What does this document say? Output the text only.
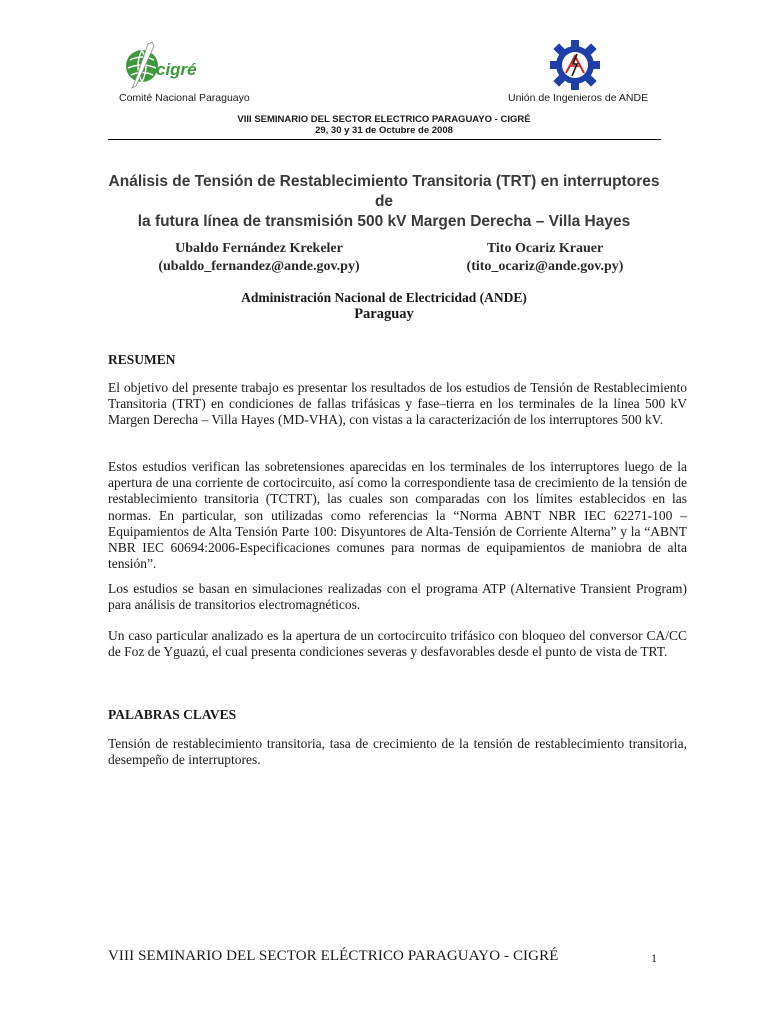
cigré
Comité Nacional Paraguayo	Unión de Ingenieros de ANDE
VIII SEMINARIO DEL SECTOR ELECTRICO PARAGUAYO - CIGRÉ
29, 30 y 31 de Octubre de 2008
Análisis de Tensión de Restablecimiento Transitoria (TRT) en interruptores de
la futura línea de transmisión 500 kV Margen Derecha – Villa Hayes
Ubaldo Fernández Krekeler
(ubaldo_fernandez@ande.gov.py)
Tito Ocariz Krauer
(tito_ocariz@ande.gov.py)
Administración Nacional de Electricidad (ANDE)
Paraguay
RESUMEN
El objetivo del presente trabajo es presentar los resultados de los estudios de Tensión de Restablecimiento Transitoria (TRT) en condiciones de fallas trifásicas y fase–tierra en los terminales de la línea 500 kV Margen Derecha – Villa Hayes (MD-VHA), con vistas a la caracterización de los interruptores 500 kV.
Estos estudios verifican las sobretensiones aparecidas en los terminales de los interruptores luego de la apertura de una corriente de cortocircuito, así como la correspondiente tasa de crecimiento de la tensión de restablecimiento transitoria (TCTRT), las cuales son comparadas con los límites establecidos en las normas. En particular, son utilizadas como referencias la “Norma ABNT NBR IEC 62271-100 – Equipamientos de Alta Tensión Parte 100: Disyuntores de Alta-Tensión de Corriente Alterna” y la “ABNT NBR IEC 60694:2006-Especificaciones comunes para normas de equipamientos de maniobra de alta tensión”.
Los estudios se basan en simulaciones realizadas con el programa ATP (Alternative Transient Program) para análisis de transitorios electromagnéticos.
Un caso particular analizado es la apertura de un cortocircuito trifásico con bloqueo del conversor CA/CC de Foz de Yguazú, el cual presenta condiciones severas y desfavorables desde el punto de vista de TRT.
PALABRAS CLAVES
Tensión de restablecimiento transitoria, tasa de crecimiento de la tensión de restablecimiento transitoria, desempeño de interruptores.
VIII SEMINARIO DEL SECTOR ELÉCTRICO PARAGUAYO - CIGRÉ	1
